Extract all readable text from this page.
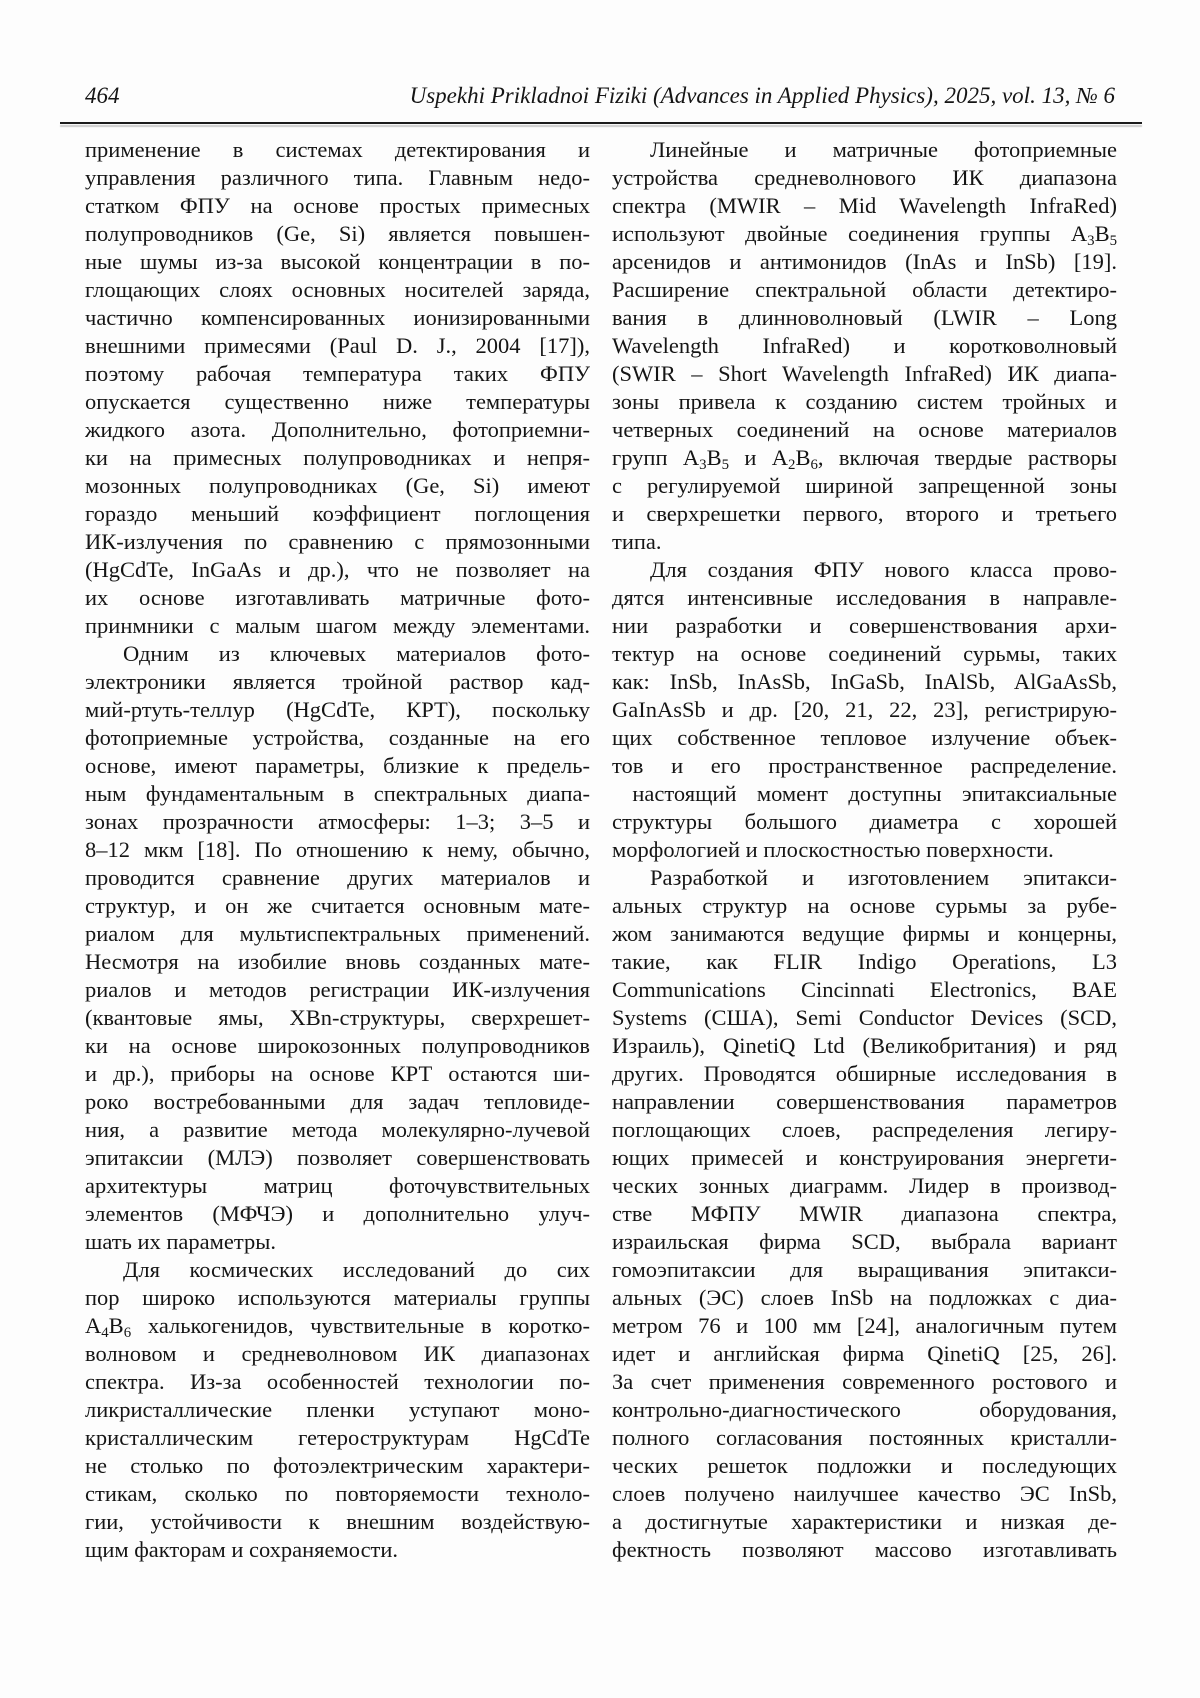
464	Uspekhi Prikladnoi Fiziki (Advances in Applied Physics), 2025, vol. 13, № 6
применение в системах детектирования и
управления различного типа. Главным недо-
статком ФПУ на основе простых примесных
полупроводников (Ge, Si) является повышен-
ные шумы из-за высокой концентрации в по-
глощающих слоях основных носителей заряда,
частично компенсированных ионизированными
внешними примесями (Paul D. J., 2004 [17]),
поэтому рабочая температура таких ФПУ
опускается существенно ниже температуры
жидкого азота. Дополнительно, фотоприемни-
ки на примесных полупроводниках и непря-
мозонных полупроводниках (Ge, Si) имеют
гораздо меньший коэффициент поглощения
ИК-излучения по сравнению с прямозонными
(HgCdTe, InGaAs и др.), что не позволяет на
их основе изготавливать матричные фото-
принмники с малым шагом между элементами.
Одним из ключевых материалов фото-
электроники является тройной раствор кад-
мий-ртуть-теллур (HgCdTe, КРТ), поскольку
фотоприемные устройства, созданные на его
основе, имеют параметры, близкие к предель-
ным фундаментальным в спектральных диапа-
зонах прозрачности атмосферы: 1–3; 3–5 и
8–12 мкм [18]. По отношению к нему, обычно,
проводится сравнение других материалов и
структур, и он же считается основным мате-
риалом для мультиспектральных применений.
Несмотря на изобилие вновь созданных мате-
риалов и методов регистрации ИК-излучения
(квантовые ямы, XBn-структуры, сверхрешет-
ки на основе широкозонных полупроводников
и др.), приборы на основе КРТ остаются ши-
роко востребованными для задач тепловиде-
ния, а развитие метода молекулярно-лучевой
эпитаксии (МЛЭ) позволяет совершенствовать
архитектуры матриц фоточувствительных
элементов (МФЧЭ) и дополнительно улуч-
шать их параметры.
Для космических исследований до сих
пор широко используются материалы группы
$A_4B_6$ халькогенидов, чувствительные в коротко-
волновом и средневолновом ИК диапазонах
спектра. Из-за особенностей технологии по-
ликристаллические пленки уступают моно-
кристаллическим гетероструктурам HgCdTe
не столько по фотоэлектрическим характери-
стикам, сколько по повторяемости техноло-
гии, устойчивости к внешним воздействую-
щим факторам и сохраняемости.
Линейные и матричные фотоприемные
устройства средневолнового ИК диапазона
спектра (MWIR – Mid Wavelength InfraRed)
используют двойные соединения группы $A_3B_5$
арсенидов и антимонидов (InAs и InSb) [19].
Расширение спектральной области детектиро-
вания в длинноволновый (LWIR – Long
Wavelength InfraRed) и коротковолновый
(SWIR – Short Wavelength InfraRed) ИК диапа-
зоны привела к созданию систем тройных и
четверных соединений на основе материалов
групп $A_3B_5$ и $A_2B_6$, включая твердые растворы
с регулируемой шириной запрещенной зоны
и сверхрешетки первого, второго и третьего
типа.
Для создания ФПУ нового класса прово-
дятся интенсивные исследования в направле-
нии разработки и совершенствования архи-
тектур на основе соединений сурьмы, таких
как: InSb, InAsSb, InGaSb, InAlSb, AlGaAsSb,
GaInAsSb и др. [20, 21, 22, 23], регистрирую-
щих собственное тепловое излучение объек-
тов и его пространственное распределение.
настоящий момент доступны эпитаксиальные
структуры большого диаметра с хорошей
морфологией и плоскостностью поверхности.
Разработкой и изготовлением эпитакси-
альных структур на основе сурьмы за рубе-
жом занимаются ведущие фирмы и концерны,
такие, как FLIR Indigo Operations, L3
Communications Cincinnati Electronics, BAE
Systems (США), Semi Conductor Devices (SCD,
Израиль), QinetiQ Ltd (Великобритания) и ряд
других. Проводятся обширные исследования в
направлении совершенствования параметров
поглощающих слоев, распределения легиру-
ющих примесей и конструирования энергети-
ческих зонных диаграмм. Лидер в производ-
стве МФПУ MWIR диапазона спектра,
израильская фирма SCD, выбрала вариант
гомоэпитаксии для выращивания эпитакси-
альных (ЭС) слоев InSb на подложках с диа-
метром 76 и 100 мм [24], аналогичным путем
идет и английская фирма QinetiQ [25, 26].
За счет применения современного ростового и
контрольно-диагностического оборудования,
полного согласования постоянных кристалли-
ческих решеток подложки и последующих
слоев получено наилучшее качество ЭС InSb,
а достигнутые характеристики и низкая де-
фектность позволяют массово изготавливать
